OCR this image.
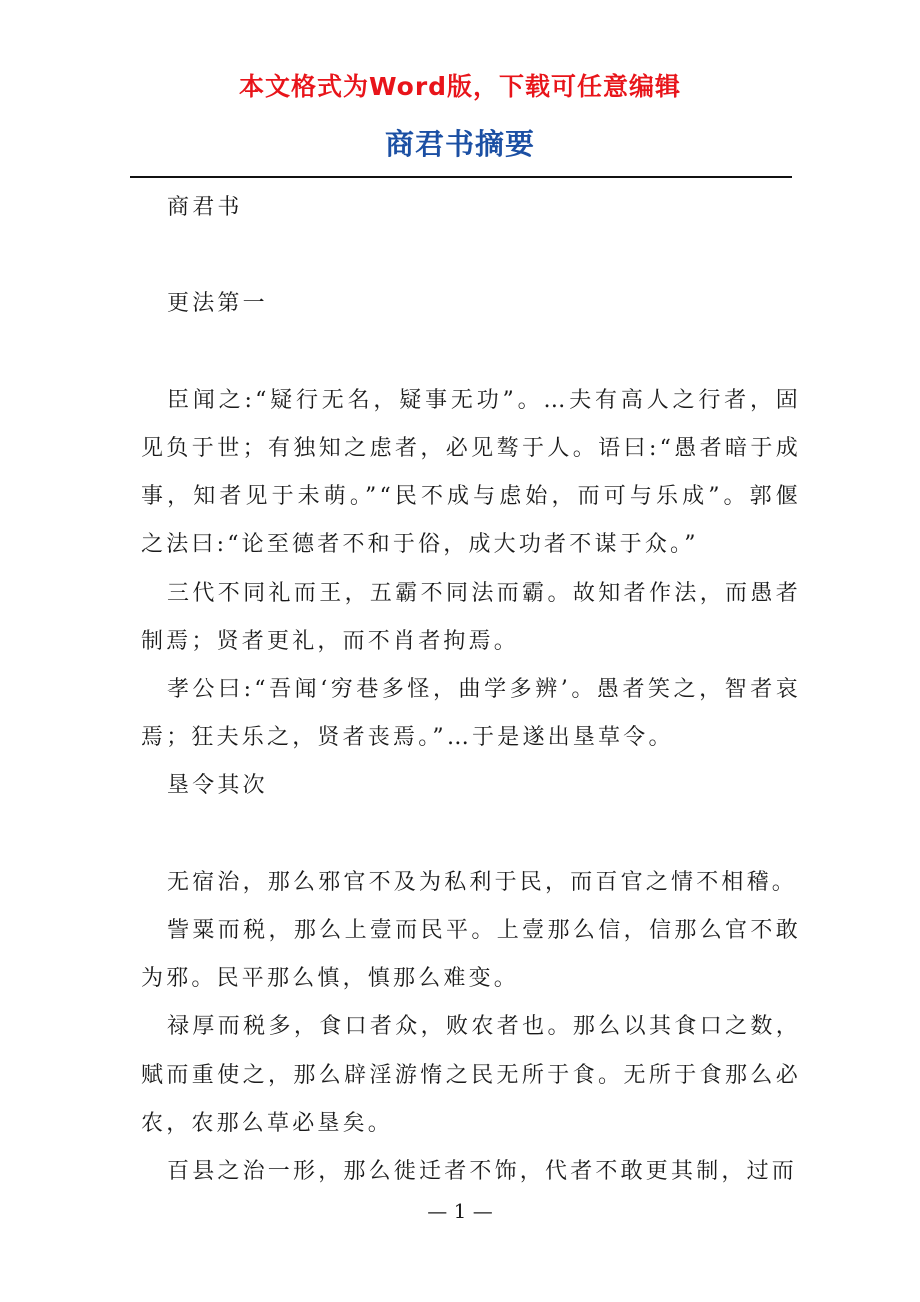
本文格式为Word版，下载可任意编辑
商君书摘要

商君书

更法第一

臣闻之:“疑行无名，疑事无功”。…夫有高人之行者，固见负于世；有独知之虑者，必见骜于人。语曰:“愚者暗于成事，知者见于未萌。”“民不成与虑始，而可与乐成”。郭偃之法曰:“论至德者不和于俗，成大功者不谋于众。”

三代不同礼而王，五霸不同法而霸。故知者作法，而愚者制焉；贤者更礼，而不肖者拘焉。

孝公曰:“吾闻‘穷巷多怪，曲学多辨’。愚者笑之，智者哀焉；狂夫乐之，贤者丧焉。”…于是遂出垦草令。

垦令其次

无宿治，那么邪官不及为私利于民，而百官之情不相稽。

訾粟而税，那么上壹而民平。上壹那么信，信那么官不敢为邪。民平那么慎，慎那么难变。

禄厚而税多，食口者众，败农者也。那么以其食口之数，赋而重使之，那么辟淫游惰之民无所于食。无所于食那么必农，农那么草必垦矣。

百县之治一形，那么徙迁者不饰，代者不敢更其制，过而

— 1 —
